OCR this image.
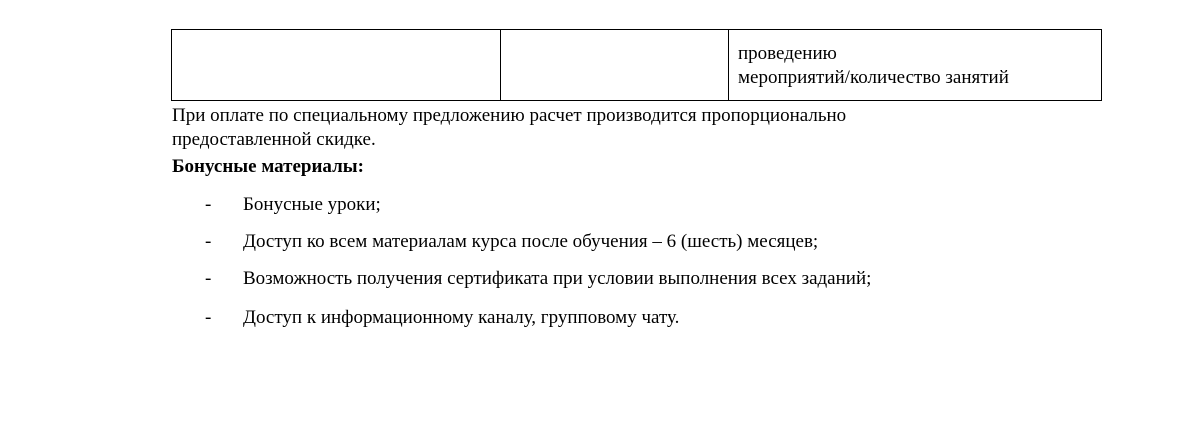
проведению
мероприятий/количество занятий
При оплате по специальному предложению расчет производится пропорционально
предоставленной скидке.
Бонусные материалы:
- Бонусные уроки;
- Доступ ко всем материалам курса после обучения – 6 (шесть) месяцев;
- Возможность получения сертификата при условии выполнения всех заданий;
- Доступ к информационному каналу, групповому чату.
